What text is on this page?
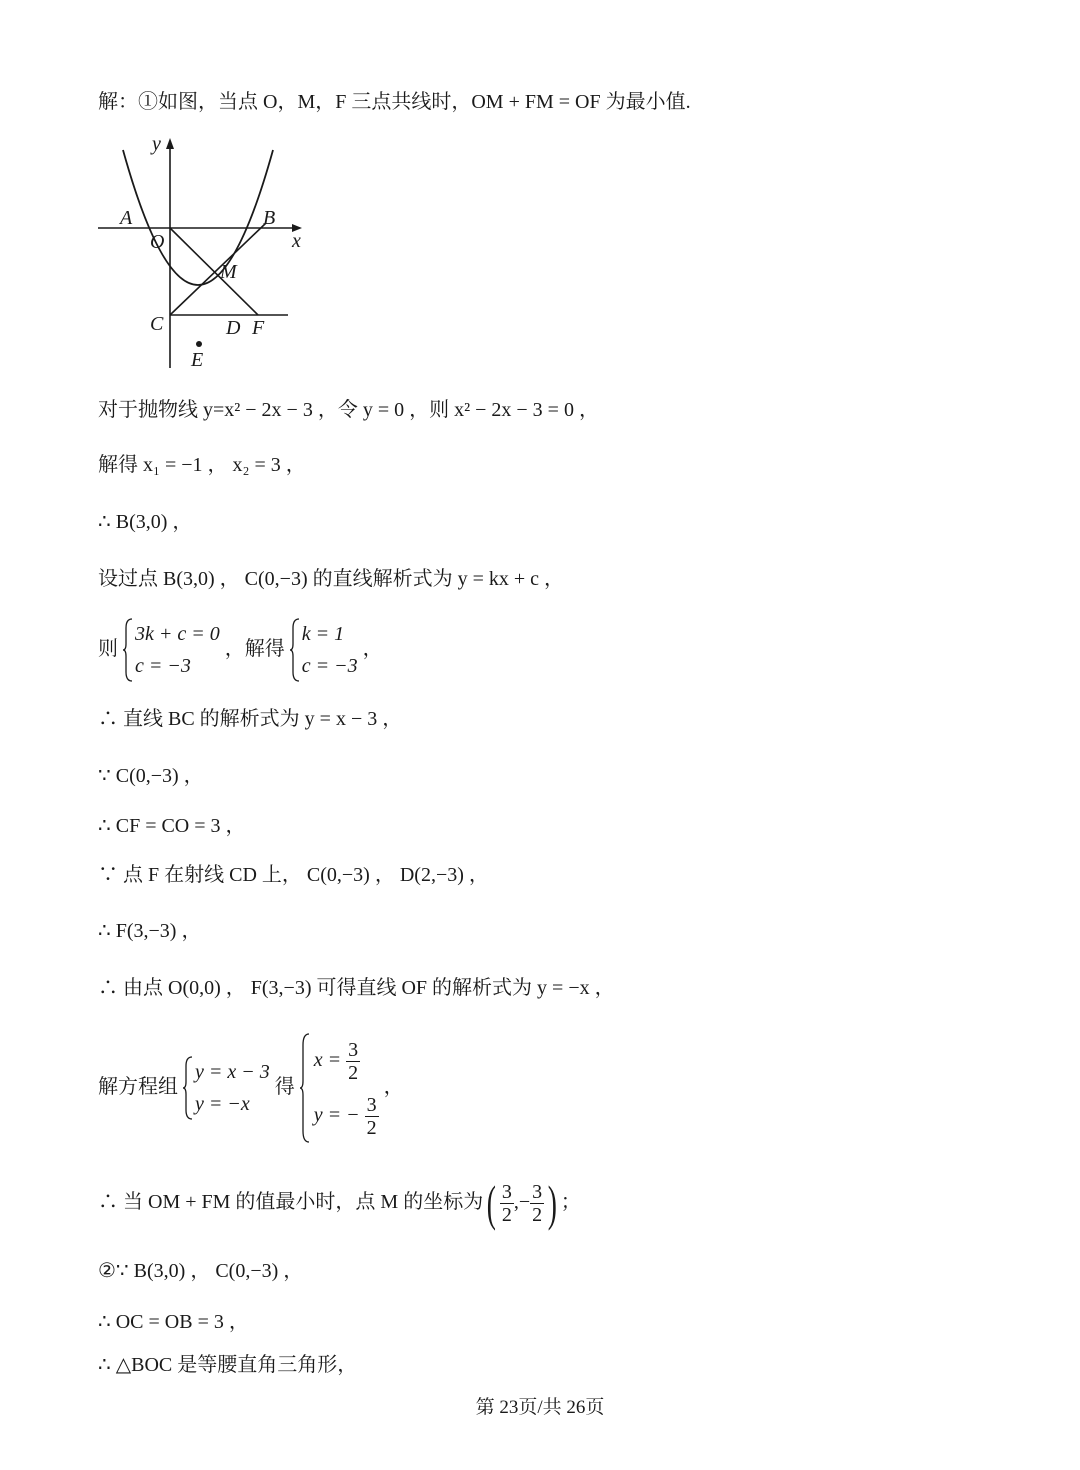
解：①如图，当点 O，M，F 三点共线时，OM + FM = OF 为最小值.
y
x
A	B
O
M
C	D F
E
对于抛物线 y=x² − 2x − 3 ，令 y = 0 ，则 x² − 2x − 3 = 0 ，
解得 x₁ = −1 ， x₂ = 3 ，
∴ B(3,0) ，
设过点 B(3,0) ， C(0,−3) 的直线解析式为 y = kx + c ，
则
3k + c = 0
c = −3
，解得
k = 1
c = −3
，
∴ 直线 BC 的解析式为 y = x − 3 ，
∵ C(0,−3) ，
∴ CF = CO = 3 ，
∵ 点 F 在射线 CD 上， C(0,−3) ， D(2,−3) ，
∴ F(3,−3) ，
∴ 由点 O(0,0) ， F(3,−3) 可得直线 OF 的解析式为 y = −x ，
解方程组
y = x − 3
y = −x
得
$x = \frac{3}{2}$
y = − $\frac{3}{2}$
，
∴ 当 OM + FM 的值最小时，点 M 的坐标为( $\frac{3}{2}$ ,− $\frac{3}{2}$ ) ；
②∵ B(3,0) ， C(0,−3) ，
∴ OC = OB = 3 ，
∴ △BOC 是等腰直角三角形，
第 23页/共 26页
